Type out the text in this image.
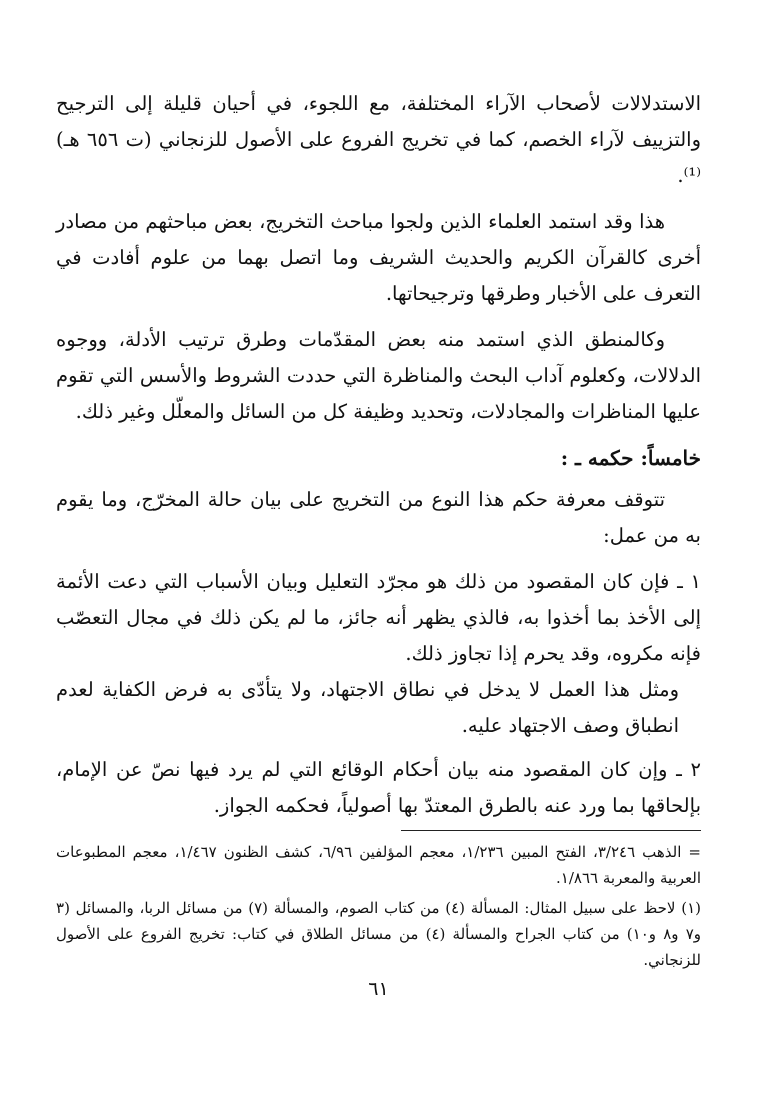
الاستدلالات لأصحاب الآراء المختلفة، مع اللجوء، في أحيان قليلة إلى الترجيح والتزييف لآراء الخصم، كما في تخريج الفروع على الأصول للزنجاني (ت ٦٥٦ هـ)⁽¹⁾.

هذا وقد استمد العلماء الذين ولجوا مباحث التخريج، بعض مباحثهم من مصادر أخرى كالقرآن الكريم والحديث الشريف وما اتصل بهما من علوم أفادت في التعرف على الأخبار وطرقها وترجيحاتها.

وكالمنطق الذي استمد منه بعض المقدّمات وطرق ترتيب الأدلة، ووجوه الدلالات، وكعلوم آداب البحث والمناظرة التي حددت الشروط والأسس التي تقوم عليها المناظرات والمجادلات، وتحديد وظيفة كل من السائل والمعلّل وغير ذلك.

خامساً: حكمه ـ :

تتوقف معرفة حكم هذا النوع من التخريج على بيان حالة المخرّج، وما يقوم به من عمل:

١ ـ فإن كان المقصود من ذلك هو مجرّد التعليل وبيان الأسباب التي دعت الأئمة إلى الأخذ بما أخذوا به، فالذي يظهر أنه جائز، ما لم يكن ذلك في مجال التعصّب فإنه مكروه، وقد يحرم إذا تجاوز ذلك.

ومثل هذا العمل لا يدخل في نطاق الاجتهاد، ولا يتأدّى به فرض الكفاية لعدم انطباق وصف الاجتهاد عليه.

٢ ـ وإن كان المقصود منه بيان أحكام الوقائع التي لم يرد فيها نصّ عن الإمام، بإلحاقها بما ورد عنه بالطرق المعتدّ بها أصولياً، فحكمه الجواز.

= الذهب ٣/٢٤٦، الفتح المبين ١/٢٣٦، معجم المؤلفين ٦/٩٦، كشف الظنون ١/٤٦٧، معجم المطبوعات العربية والمعربة ١/٨٦٦.

(١) لاحظ على سبيل المثال: المسألة (٤) من كتاب الصوم، والمسألة (٧) من مسائل الربا، والمسائل (٣ و٧ و٨ و١٠) من كتاب الجراح والمسألة (٤) من مسائل الطلاق في كتاب: تخريج الفروع على الأصول للزنجاني.

٦١
